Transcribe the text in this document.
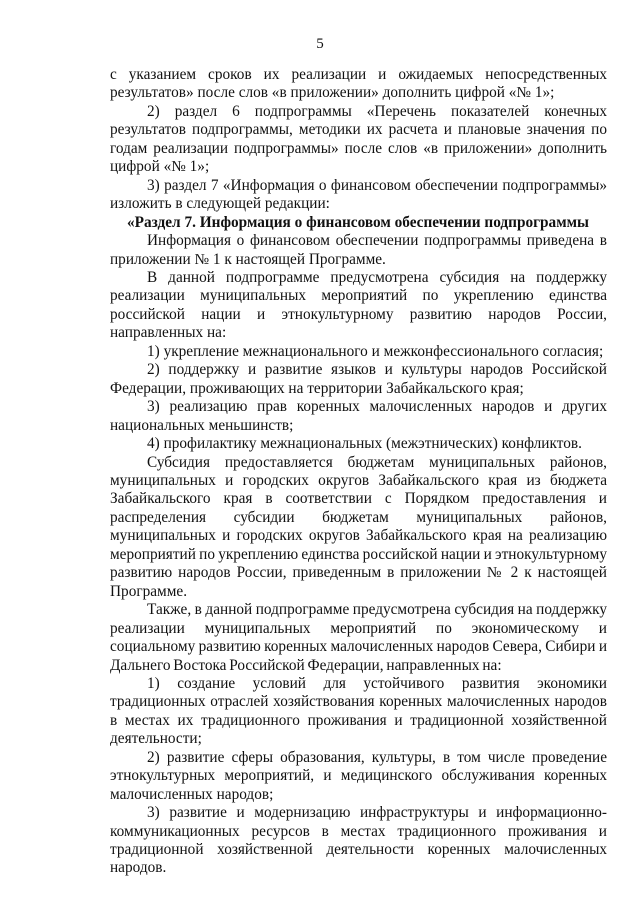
5

с указанием сроков их реализации и ожидаемых непосредственных результатов» после слов «в приложении» дополнить цифрой «№ 1»;

2) раздел 6 подпрограммы «Перечень показателей конечных результатов подпрограммы, методики их расчета и плановые значения по годам реализации подпрограммы» после слов «в приложении» дополнить цифрой «№ 1»;

3) раздел 7 «Информация о финансовом обеспечении подпрограммы» изложить в следующей редакции:

«Раздел 7. Информация о финансовом обеспечении подпрограммы

Информация о финансовом обеспечении подпрограммы приведена в приложении № 1 к настоящей Программе.

В данной подпрограмме предусмотрена субсидия на поддержку реализации муниципальных мероприятий по укреплению единства российской нации и этнокультурному развитию народов России, направленных на:

1) укрепление межнационального и межконфессионального согласия;

2) поддержку и развитие языков и культуры народов Российской Федерации, проживающих на территории Забайкальского края;

3) реализацию прав коренных малочисленных народов и других национальных меньшинств;

4) профилактику межнациональных (межэтнических) конфликтов.

Субсидия предоставляется бюджетам муниципальных районов, муниципальных и городских округов Забайкальского края из бюджета Забайкальского края в соответствии с Порядком предоставления и распределения субсидии бюджетам муниципальных районов, муниципальных и городских округов Забайкальского края на реализацию мероприятий по укреплению единства российской нации и этнокультурному развитию народов России, приведенным в приложении № 2 к настоящей Программе.

Также, в данной подпрограмме предусмотрена субсидия на поддержку реализации муниципальных мероприятий по экономическому и социальному развитию коренных малочисленных народов Севера, Сибири и Дальнего Востока Российской Федерации, направленных на:

1) создание условий для устойчивого развития экономики традиционных отраслей хозяйствования коренных малочисленных народов в местах их традиционного проживания и традиционной хозяйственной деятельности;

2) развитие сферы образования, культуры, в том числе проведение этнокультурных мероприятий, и медицинского обслуживания коренных малочисленных народов;

3) развитие и модернизацию инфраструктуры и информационно-коммуникационных ресурсов в местах традиционного проживания и традиционной хозяйственной деятельности коренных малочисленных народов.
